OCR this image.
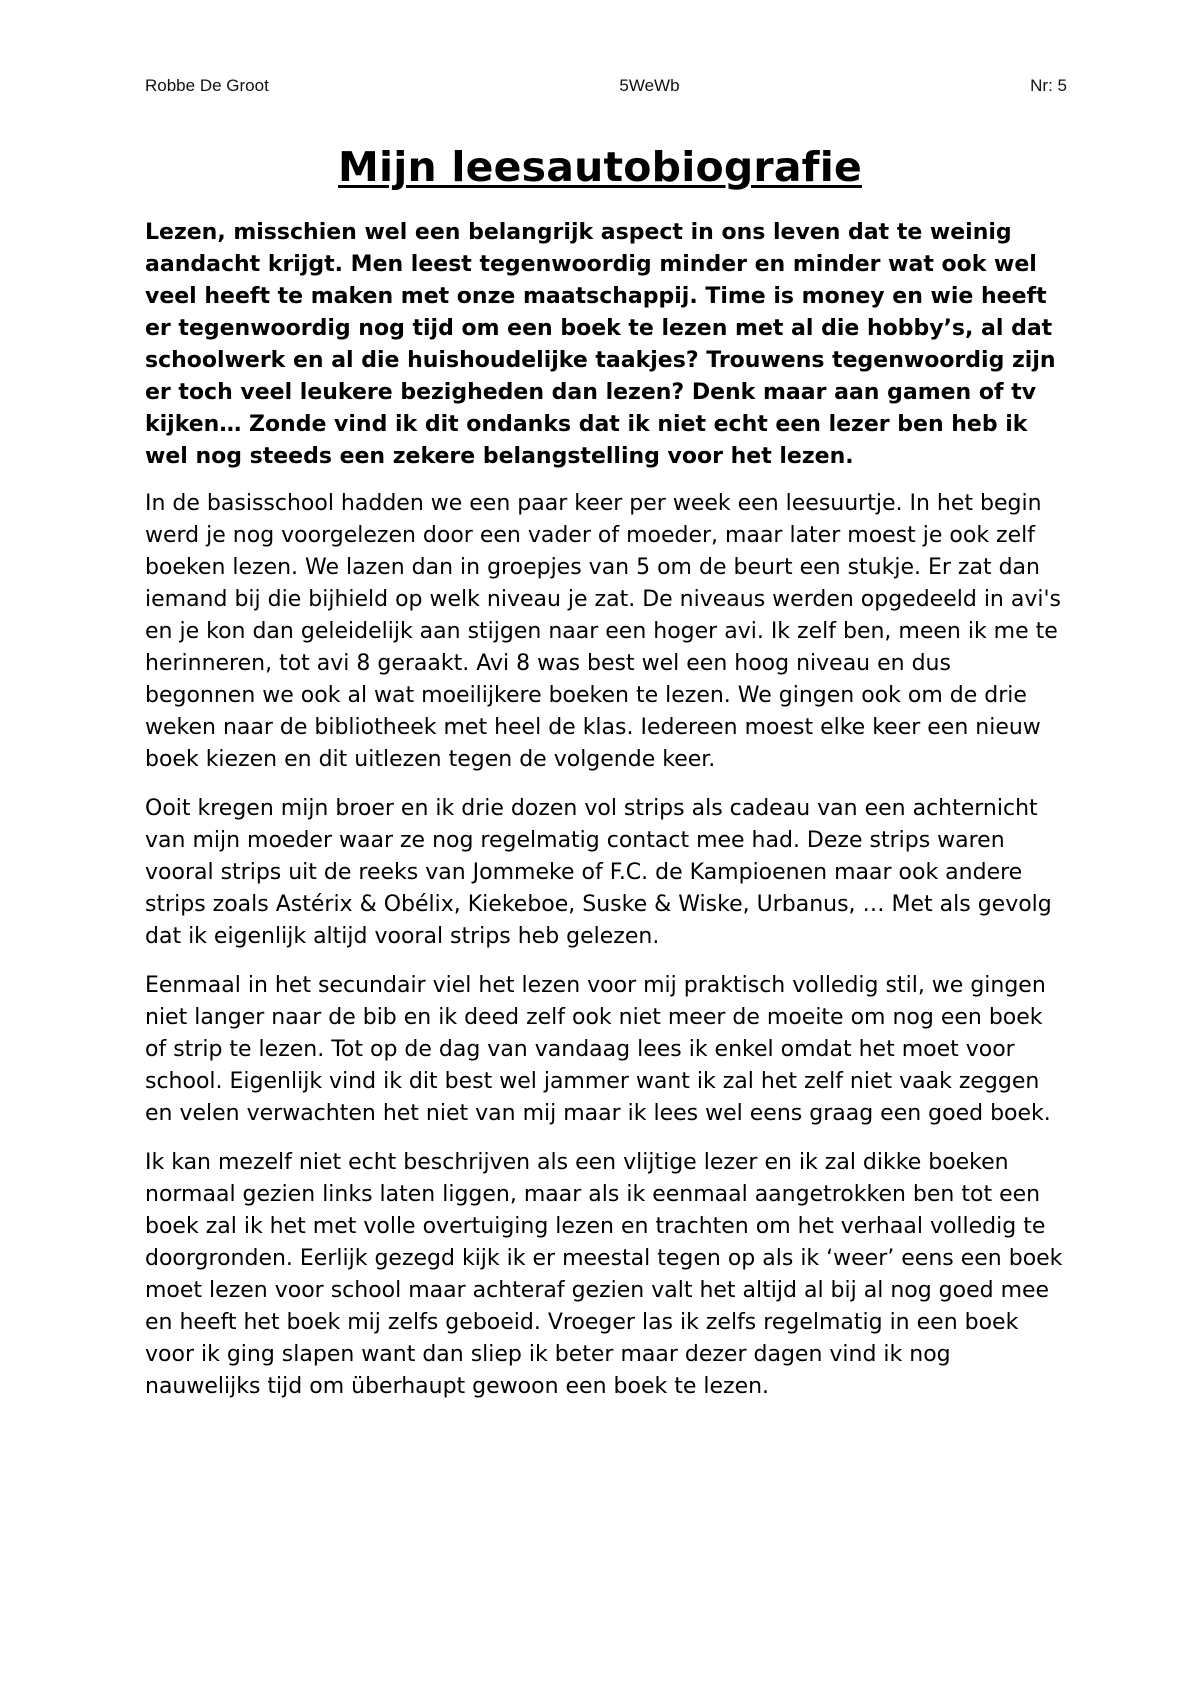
Robbe De Groot	5WeWb	Nr: 5
Mijn leesautobiografie

Lezen, misschien wel een belangrijk aspect in ons leven dat te weinig aandacht krijgt. Men leest tegenwoordig minder en minder wat ook wel veel heeft te maken met onze maatschappij. Time is money en wie heeft er tegenwoordig nog tijd om een boek te lezen met al die hobby’s, al dat schoolwerk en al die huishoudelijke taakjes? Trouwens tegenwoordig zijn er toch veel leukere bezigheden dan lezen? Denk maar aan gamen of tv kijken… Zonde vind ik dit ondanks dat ik niet echt een lezer ben heb ik wel nog steeds een zekere belangstelling voor het lezen.

In de basisschool hadden we een paar keer per week een leesuurtje. In het begin werd je nog voorgelezen door een vader of moeder, maar later moest je ook zelf boeken lezen. We lazen dan in groepjes van 5 om de beurt een stukje. Er zat dan iemand bij die bijhield op welk niveau je zat. De niveaus werden opgedeeld in avi's en je kon dan geleidelijk aan stijgen naar een hoger avi. Ik zelf ben, meen ik me te herinneren, tot avi 8 geraakt. Avi 8 was best wel een hoog niveau en dus begonnen we ook al wat moeilijkere boeken te lezen. We gingen ook om de drie weken naar de bibliotheek met heel de klas. Iedereen moest elke keer een nieuw boek kiezen en dit uitlezen tegen de volgende keer.

Ooit kregen mijn broer en ik drie dozen vol strips als cadeau van een achternicht van mijn moeder waar ze nog regelmatig contact mee had. Deze strips waren vooral strips uit de reeks van Jommeke of F.C. de Kampioenen maar ook andere strips zoals Astérix & Obélix, Kiekeboe, Suske & Wiske, Urbanus, … Met als gevolg dat ik eigenlijk altijd vooral strips heb gelezen.

Eenmaal in het secundair viel het lezen voor mij praktisch volledig stil, we gingen niet langer naar de bib en ik deed zelf ook niet meer de moeite om nog een boek of strip te lezen. Tot op de dag van vandaag lees ik enkel omdat het moet voor school. Eigenlijk vind ik dit best wel jammer want ik zal het zelf niet vaak zeggen en velen verwachten het niet van mij maar ik lees wel eens graag een goed boek.

Ik kan mezelf niet echt beschrijven als een vlijtige lezer en ik zal dikke boeken normaal gezien links laten liggen, maar als ik eenmaal aangetrokken ben tot een boek zal ik het met volle overtuiging lezen en trachten om het verhaal volledig te doorgronden. Eerlijk gezegd kijk ik er meestal tegen op als ik ‘weer’ eens een boek moet lezen voor school maar achteraf gezien valt het altijd al bij al nog goed mee en heeft het boek mij zelfs geboeid. Vroeger las ik zelfs regelmatig in een boek voor ik ging slapen want dan sliep ik beter maar dezer dagen vind ik nog nauwelijks tijd om überhaupt gewoon een boek te lezen.
